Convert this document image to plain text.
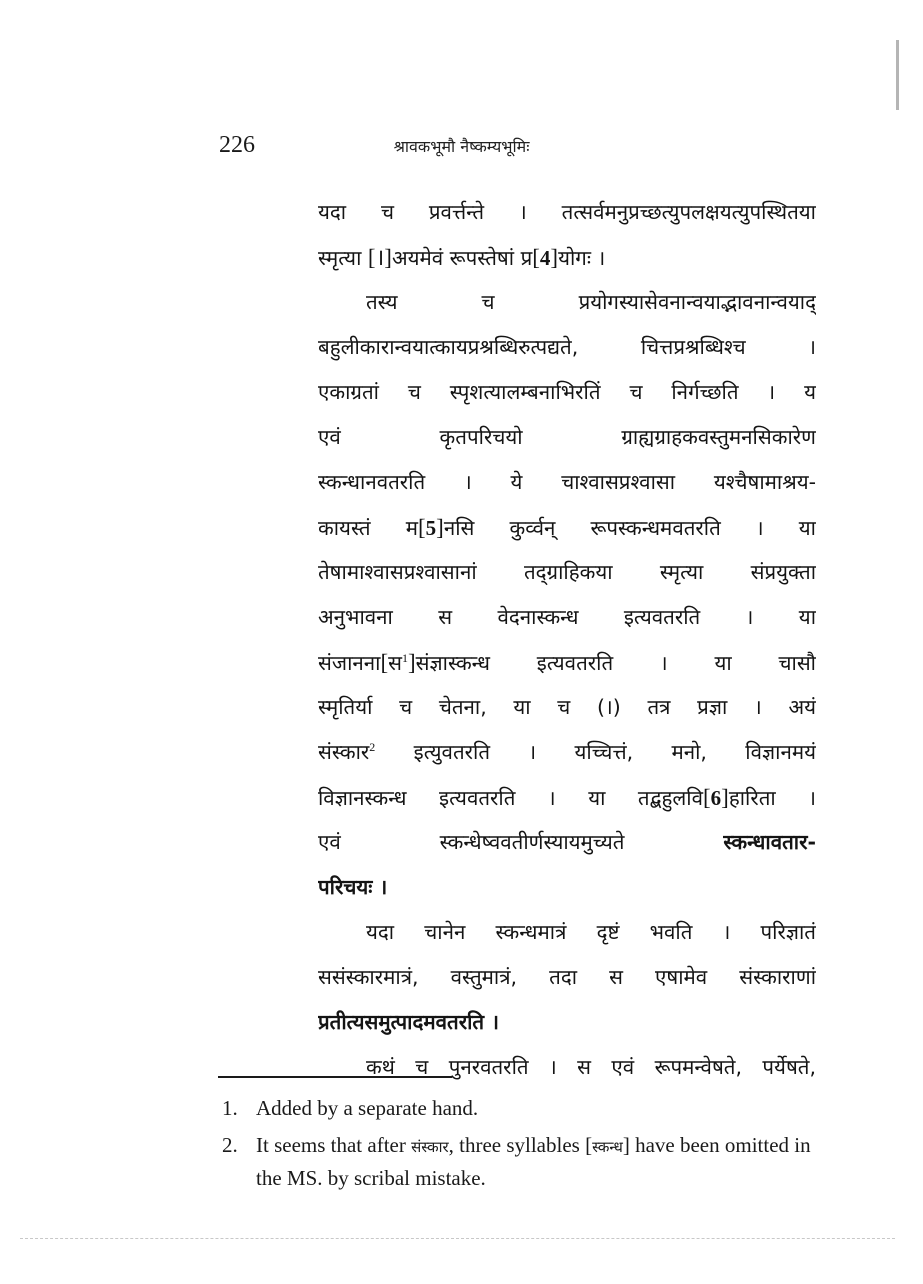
226	श्रावकभूमौ नैष्कम्यभूमिः
यदा च प्रवर्त्तन्ते । तत्सर्वमनुप्रच्छत्युपलक्षयत्युपस्थितया
स्मृत्या [।]अयमेवं रूपस्तेषां प्र[4]योगः ।
तस्य च प्रयोगस्यासेवनान्वयाद्भावनान्वयाद्
बहुलीकारान्वयात्कायप्रश्रब्धिरुत्पद्यते, चित्तप्रश्रब्धिश्च ।
एकाग्रतां च स्पृशत्यालम्बनाभिरतिं च निर्गच्छति । य
एवं कृतपरिचयो ग्राह्यग्राहकवस्तुमनसिकारेण
स्कन्धानवतरति । ये चाश्वासप्रश्वासा यश्चैषामाश्रय-
कायस्तं म[5]नसि कुर्व्वन् रूपस्कन्धमवतरति । या
तेषामाश्वासप्रश्वासानां तद्ग्राहिकया स्मृत्या संप्रयुक्ता
अनुभावना स वेदनास्कन्ध इत्यवतरति । या
संजानना[स$^1$]संज्ञास्कन्ध इत्यवतरति । या चासौ
स्मृतिर्या च चेतना, या च (।) तत्र प्रज्ञा । अयं
संस्कार$^2$ इत्युवतरति । यच्चित्तं, मनो, विज्ञानमयं
विज्ञानस्कन्ध इत्यवतरति । या तद्बहुलवि[6]हारिता ।
एवं स्कन्धेष्ववतीर्णस्यायमुच्यते स्कन्धावतार-
परिचयः ।
यदा चानेन स्कन्धमात्रं दृष्टं भवति । परिज्ञातं
ससंस्कारमात्रं, वस्तुमात्रं, तदा स एषामेव संस्काराणां
प्रतीत्यसमुत्पादमवतरति ।
कथं च पुनरवतरति । स एवं रूपमन्वेषते, पर्येषते,
1. Added by a separate hand.
2. It seems that after संस्कार, three syllables [स्कन्ध] have been omitted in the MS. by scribal mistake.
